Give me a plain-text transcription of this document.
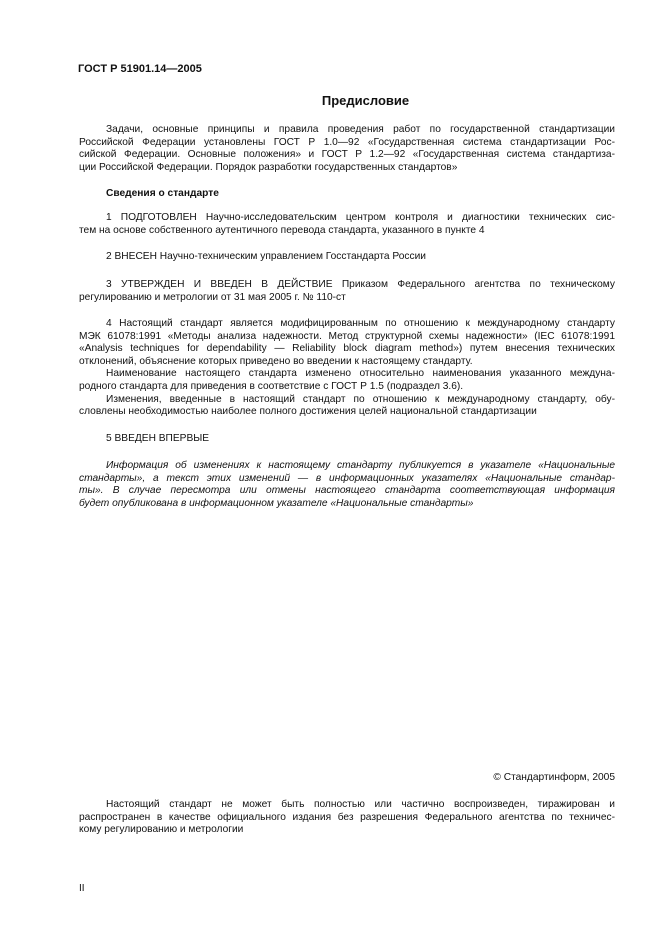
ГОСТ Р 51901.14—2005
Предисловие
Задачи, основные принципы и правила проведения работ по государственной стандартизации
Российской Федерации установлены ГОСТ Р 1.0—92 «Государственная система стандартизации Рос-
сийской Федерации. Основные положения» и ГОСТ Р 1.2—92 «Государственная система стандартиза-
ции Российской Федерации. Порядок разработки государственных стандартов»
Сведения о стандарте
1 ПОДГОТОВЛЕН Научно-исследовательским центром контроля и диагностики технических сис-
тем на основе собственного аутентичного перевода стандарта, указанного в пункте 4
2 ВНЕСЕН Научно-техническим управлением Госстандарта России
3 УТВЕРЖДЕН И ВВЕДЕН В ДЕЙСТВИЕ Приказом Федерального агентства по техническому
регулированию и метрологии от 31 мая 2005 г. № 110-ст
4 Настоящий стандарт является модифицированным по отношению к международному стандарту
МЭК 61078:1991 «Методы анализа надежности. Метод структурной схемы надежности» (IEC 61078:1991
«Analysis techniques for dependability — Reliability block diagram method») путем внесения технических
отклонений, объяснение которых приведено во введении к настоящему стандарту.
Наименование настоящего стандарта изменено относительно наименования указанного междуна-
родного стандарта для приведения в соответствие с ГОСТ Р 1.5 (подраздел 3.6).
Изменения, введенные в настоящий стандарт по отношению к международному стандарту, обу-
словлены необходимостью наиболее полного достижения целей национальной стандартизации
5 ВВЕДЕН ВПЕРВЫЕ
Информация об изменениях к настоящему стандарту публикуется в указателе «Национальные
стандарты», а текст этих изменений — в информационных указателях «Национальные стандар-
ты». В случае пересмотра или отмены настоящего стандарта соответствующая информация
будет опубликована в информационном указателе «Национальные стандарты»
© Стандартинформ, 2005
Настоящий стандарт не может быть полностью или частично воспроизведен, тиражирован и
распространен в качестве официального издания без разрешения Федерального агентства по техничес-
кому регулированию и метрологии
II
